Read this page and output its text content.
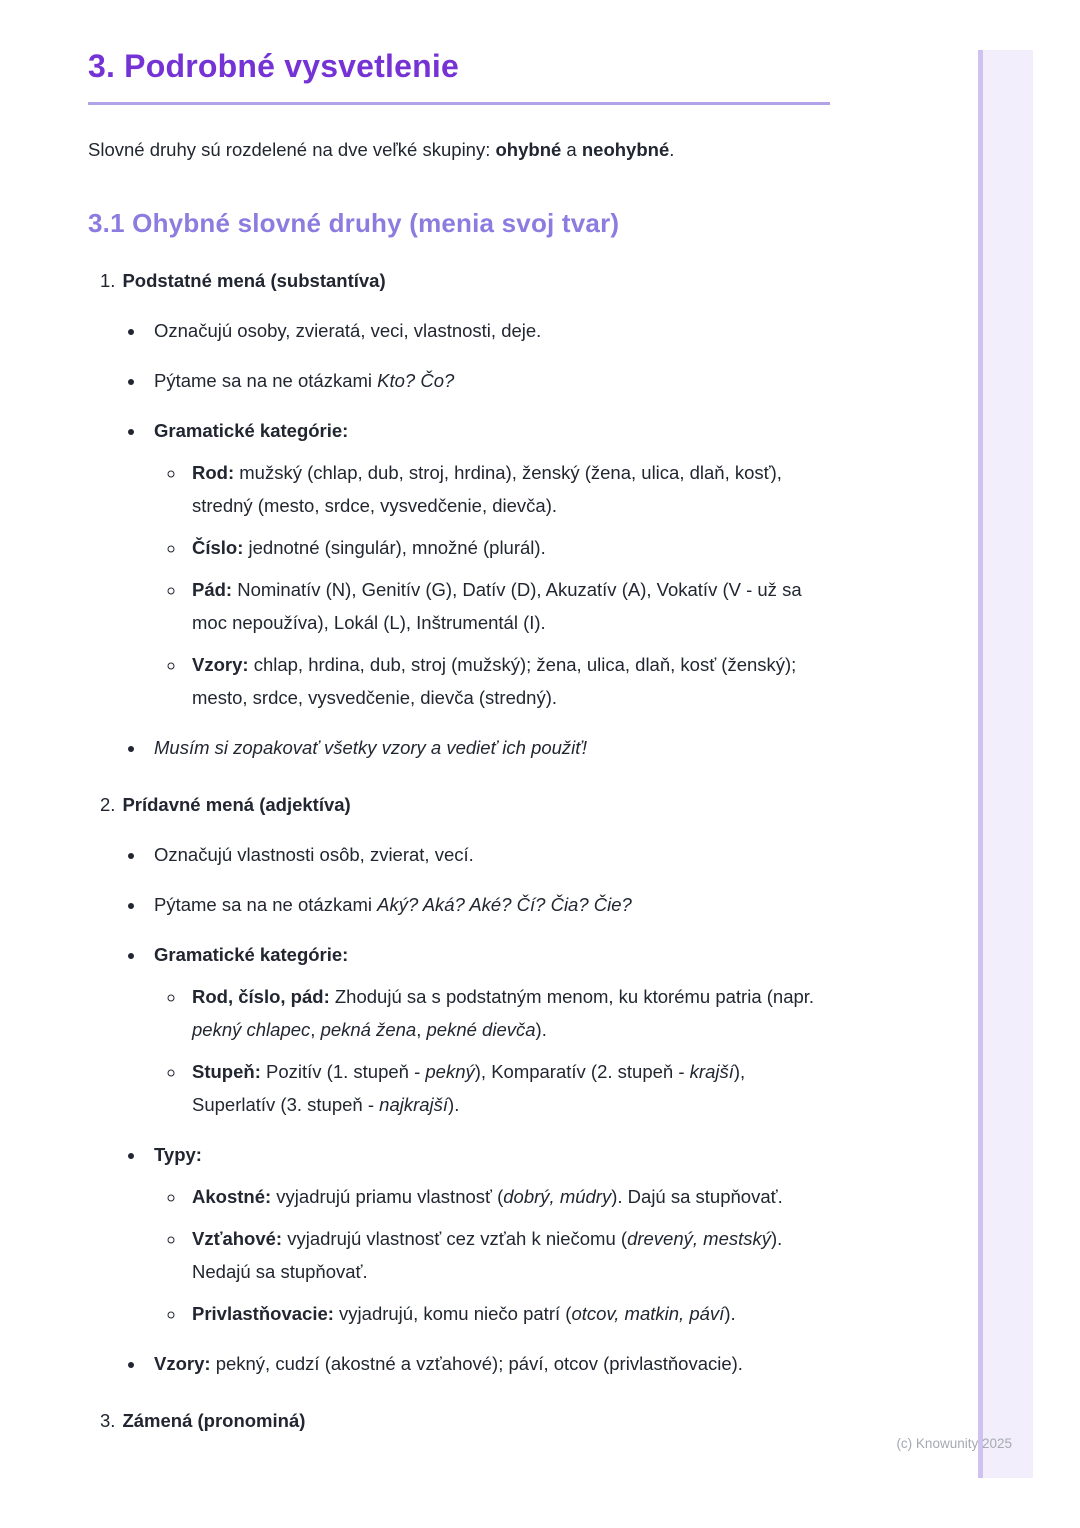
3. Podrobné vysvetlenie
Slovné druhy sú rozdelené na dve veľké skupiny: ohybné a neohybné.
3.1 Ohybné slovné druhy (menia svoj tvar)
1. Podstatné mená (substantíva)
• Označujú osoby, zvieratá, veci, vlastnosti, deje.
• Pýtame sa na ne otázkami Kto? Čo?
• Gramatické kategórie:
◦ Rod: mužský (chlap, dub, stroj, hrdina), ženský (žena, ulica, dlaň, kosť), stredný (mesto, srdce, vysvedčenie, dievča).
◦ Číslo: jednotné (singulár), množné (plurál).
◦ Pád: Nominatív (N), Genitív (G), Datív (D), Akuzatív (A), Vokatív (V - už sa moc nepoužíva), Lokál (L), Inštrumentál (I).
◦ Vzory: chlap, hrdina, dub, stroj (mužský); žena, ulica, dlaň, kosť (ženský); mesto, srdce, vysvedčenie, dievča (stredný).
• Musím si zopakovať všetky vzory a vedieť ich použiť!
2. Prídavné mená (adjektíva)
• Označujú vlastnosti osôb, zvierat, vecí.
• Pýtame sa na ne otázkami Aký? Aká? Aké? Čí? Čia? Čie?
• Gramatické kategórie:
◦ Rod, číslo, pád: Zhodujú sa s podstatným menom, ku ktorému patria (napr. pekný chlapec, pekná žena, pekné dievča).
◦ Stupeň: Pozitív (1. stupeň - pekný), Komparatív (2. stupeň - krajší), Superlatív (3. stupeň - najkrajší).
• Typy:
◦ Akostné: vyjadrujú priamu vlastnosť (dobrý, múdry). Dajú sa stupňovať.
◦ Vzťahové: vyjadrujú vlastnosť cez vzťah k niečomu (drevený, mestský). Nedajú sa stupňovať.
◦ Privlastňovacie: vyjadrujú, komu niečo patrí (otcov, matkin, páví).
• Vzory: pekný, cudzí (akostné a vzťahové); páví, otcov (privlastňovacie).
3. Zámená (pronominá)
(c) Knowunity 2025
